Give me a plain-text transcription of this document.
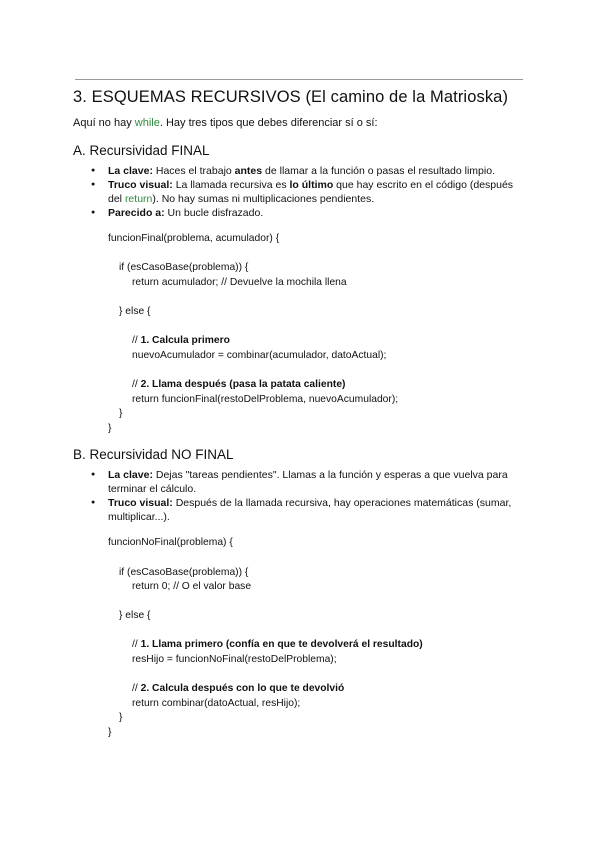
3. ESQUEMAS RECURSIVOS (El camino de la Matrioska)

Aquí no hay while. Hay tres tipos que debes diferenciar sí o sí:

A. Recursividad FINAL
● La clave: Haces el trabajo antes de llamar a la función o pasas el resultado limpio.
● Truco visual: La llamada recursiva es lo último que hay escrito en el código (después del return). No hay sumas ni multiplicaciones pendientes.
● Parecido a: Un bucle disfrazado.
funcionFinal(problema, acumulador) {
if (esCasoBase(problema)) {
return acumulador; // Devuelve la mochila llena
} else {
// 1. Calcula primero
nuevoAcumulador = combinar(acumulador, datoActual);
// 2. Llama después (pasa la patata caliente)
return funcionFinal(restoDelProblema, nuevoAcumulador);
}
}
B. Recursividad NO FINAL
● La clave: Dejas "tareas pendientes". Llamas a la función y esperas a que vuelva para terminar el cálculo.
● Truco visual: Después de la llamada recursiva, hay operaciones matemáticas (sumar, multiplicar...).
funcionNoFinal(problema) {
if (esCasoBase(problema)) {
return 0; // O el valor base
} else {
// 1. Llama primero (confía en que te devolverá el resultado)
resHijo = funcionNoFinal(restoDelProblema);
// 2. Calcula después con lo que te devolvió
return combinar(datoActual, resHijo);
}
}
